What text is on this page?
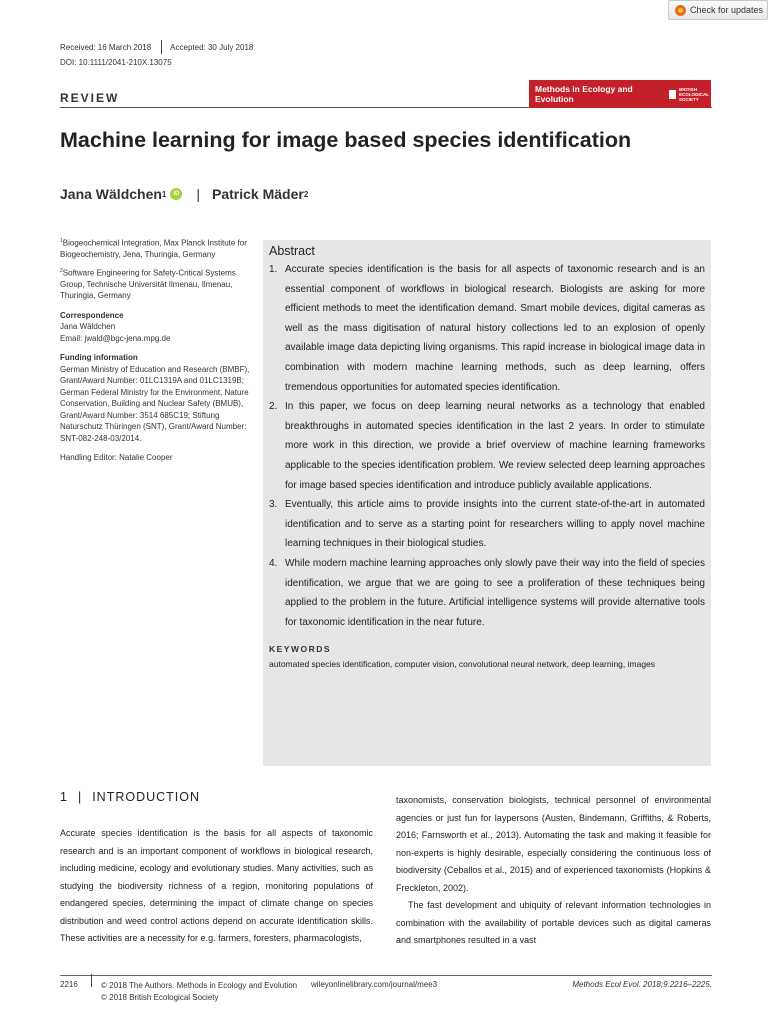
Check for updates
Received: 16 March 2018 Accepted: 30 July 2018
DOI: 10.1111/2041-210X.13075
REVIEW
Methods in Ecology and Evolution
BRITISH
ECOLOGICAL
SOCIETY
Machine learning for image based species identification
Jana Wäldchen 1	iD | Patrick Mäder 2

$^1$Biogeochemical Integration, Max Planck Institute for Biogeochemistry, Jena, Thuringia, Germany

$^2$Software Engineering for Safety-Critical Systems Group, Technische Universität Ilmenau, Ilmenau, Thuringia, Germany

Correspondence

Jana Wäldchen
Email: jwald@bgc-jena.mpg.de

Funding information

German Ministry of Education and Research (BMBF), Grant/Award Number: 01LC1319A and 01LC1319B; German Federal Ministry for the Environment, Nature Conservation, Building and Nuclear Safety (BMUB), Grant/Award Number: 3514 685C19; Stiftung Naturschutz Thüringen (SNT), Grant/Award Number: SNT-082-248-03/2014.

Handling Editor: Natalie Cooper

Abstract
1. Accurate species identification is the basis for all aspects of taxonomic research and is an essential component of workflows in biological research. Biologists are asking for more efficient methods to meet the identification demand. Smart mobile devices, digital cameras as well as the mass digitisation of natural history collections led to an explosion of openly available image data depicting living organisms. This rapid increase in biological image data in combination with modern machine learning methods, such as deep learning, offers tremendous opportunities for automated species identification.
2. In this paper, we focus on deep learning neural networks as a technology that enabled breakthroughs in automated species identification in the last 2 years. In order to stimulate more work in this direction, we provide a brief overview of machine learning frameworks applicable to the species identification problem. We review selected deep learning approaches for image based species identification and introduce publicly available applications.
3. Eventually, this article aims to provide insights into the current state-of-the-art in automated identification and to serve as a starting point for researchers willing to apply novel machine learning techniques in their biological studies.
4. While modern machine learning approaches only slowly pave their way into the field of species identification, we argue that we are going to see a proliferation of these techniques being applied to the problem in the future. Artificial intelligence systems will provide alternative tools for taxonomic identification in the near future.
KEYWORDS
automated species identification, computer vision, convolutional neural network, deep learning, images
1 | INTRODUCTION

Accurate species identification is the basis for all aspects of taxonomic research and is an important component of workflows in biological research, including medicine, ecology and evolutionary studies. Many activities, such as studying the biodiversity richness of a region, monitoring populations of endangered species, determining the impact of climate change on species distribution and weed control actions depend on accurate identification skills. These activities are a necessity for e.g. farmers, foresters, pharmacologists,

taxonomists, conservation biologists, technical personnel of environmental agencies or just fun for laypersons (Austen, Bindemann, Griffiths, & Roberts, 2016; Farnsworth et al., 2013). Automating the task and making it feasible for non-experts is highly desirable, especially considering the continuous loss of biodiversity (Ceballos et al., 2015) and of experienced taxonomists (Hopkins & Freckleton, 2002).

The fast development and ubiquity of relevant information technologies in combination with the availability of portable devices such as digital cameras and smartphones resulted in a vast

2216	© 2018 The Authors. Methods in Ecology and Evolution © 2018 British Ecological Society
wileyonlinelibrary.com/journal/mee3	Methods Ecol Evol. 2018;9:2216–2225.
